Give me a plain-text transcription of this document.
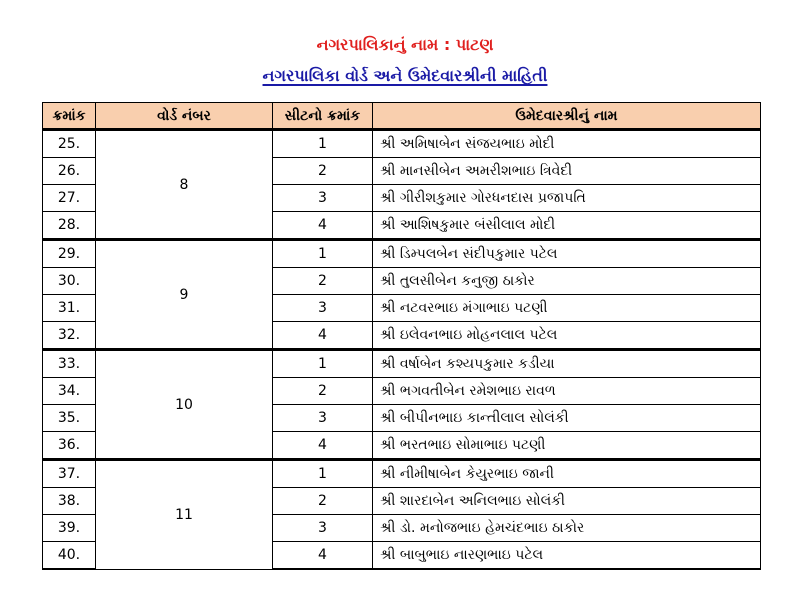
નગરપાલિકાનું નામ : પાટણ
નગરપાલિકા વોર્ડ અને ઉમેદવારશ્રીની માહિતી
ક્રમાંક	વોર્ડ નંબર	સીટનો ક્રમાંક	ઉમેદવારશ્રીનું નામ
25.	8	1	શ્રી અમિષાબેન સંજયભાઇ મોદી
26.		2	શ્રી માનસીબેન અમરીશભાઇ ત્રિવેદી
27.		3	શ્રી ગીરીશકુમાર ગોરધનદાસ પ્રજાપતિ
28.		4	શ્રી આશિષકુમાર બંસીલાલ મોદી
29.	9	1	શ્રી ડિમ્પલબેન સંદીપકુમાર પટેલ
30.		2	શ્રી તુલસીબેન કનુજી ઠાકોર
31.		3	શ્રી નટવરભાઇ મંગાભાઇ પટણી
32.		4	શ્રી ઇલેવનભાઇ મોહનલાલ પટેલ
33.	10	1	શ્રી વર્ષાબેન કશ્યપકુમાર કડીયા
34.		2	શ્રી ભગવતીબેન રમેશભાઇ રાવળ
35.		3	શ્રી બીપીનભાઇ કાન્તીલાલ સોલંકી
36.		4	શ્રી ભરતભાઇ સોમાભાઇ પટણી
37.	11	1	શ્રી નીમીષાબેન કેયુરભાઇ જાની
38.		2	શ્રી શારદાબેન અનિલભાઇ સોલંકી
39.		3	શ્રી ડો. મનોજભાઇ હેમચંદભાઇ ઠાકોર
40.		4	શ્રી બાબુભાઇ નારણભાઇ પટેલ
